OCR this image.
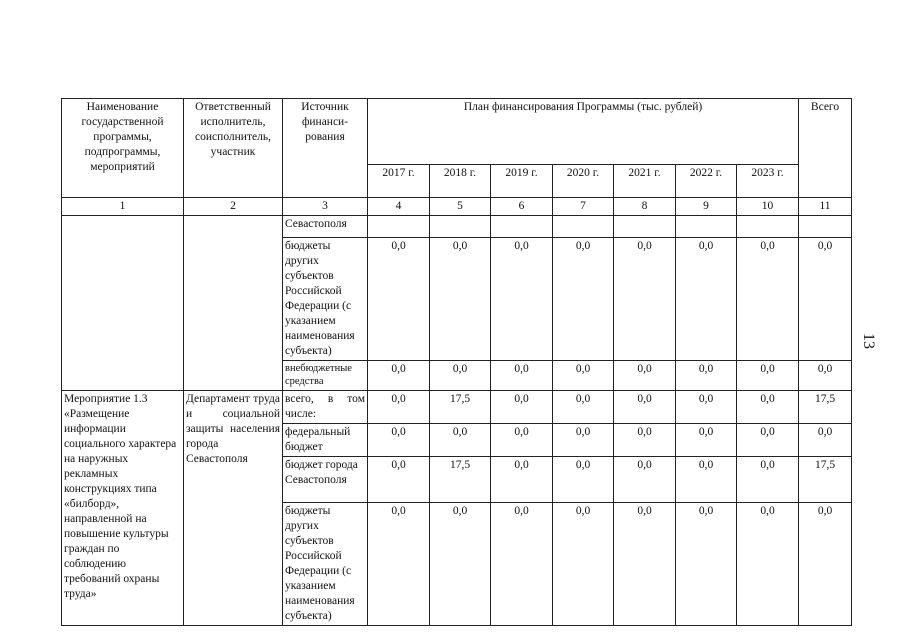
Наименование государственной программы, подпрограммы, мероприятий	Ответственный исполнитель, соисполнитель, участник	Источник финанси-рования	План финансирования Программы (тыс. рублей)							Всего
			2017 г.	2018 г.	2019 г.	2020 г.	2021 г.	2022 г.	2023 г.	
1	2	3	4	5	6	7	8	9	10	11
		Севастополя								
		бюджеты других субъектов Российской Федерации (с указанием наименования субъекта)	0,0	0,0	0,0	0,0	0,0	0,0	0,0	0,0
		внебюджетные средства	0,0	0,0	0,0	0,0	0,0	0,0	0,0	0,0
Мероприятие 1.3 «Размещение информации социального характера на наружных рекламных конструкциях типа «билборд», направленной на повышение культуры граждан по соблюдению требований охраны труда»	Департамент труда и социальной защиты населения города Севастополя	всего, в том числе:	0,0	17,5	0,0	0,0	0,0	0,0	0,0	17,5
		федеральный бюджет	0,0	0,0	0,0	0,0	0,0	0,0	0,0	0,0
		бюджет города Севастополя	0,0	17,5	0,0	0,0	0,0	0,0	0,0	17,5
		бюджеты других субъектов Российской Федерации (с указанием наименования субъекта)	0,0	0,0	0,0	0,0	0,0	0,0	0,0	0,0
13
